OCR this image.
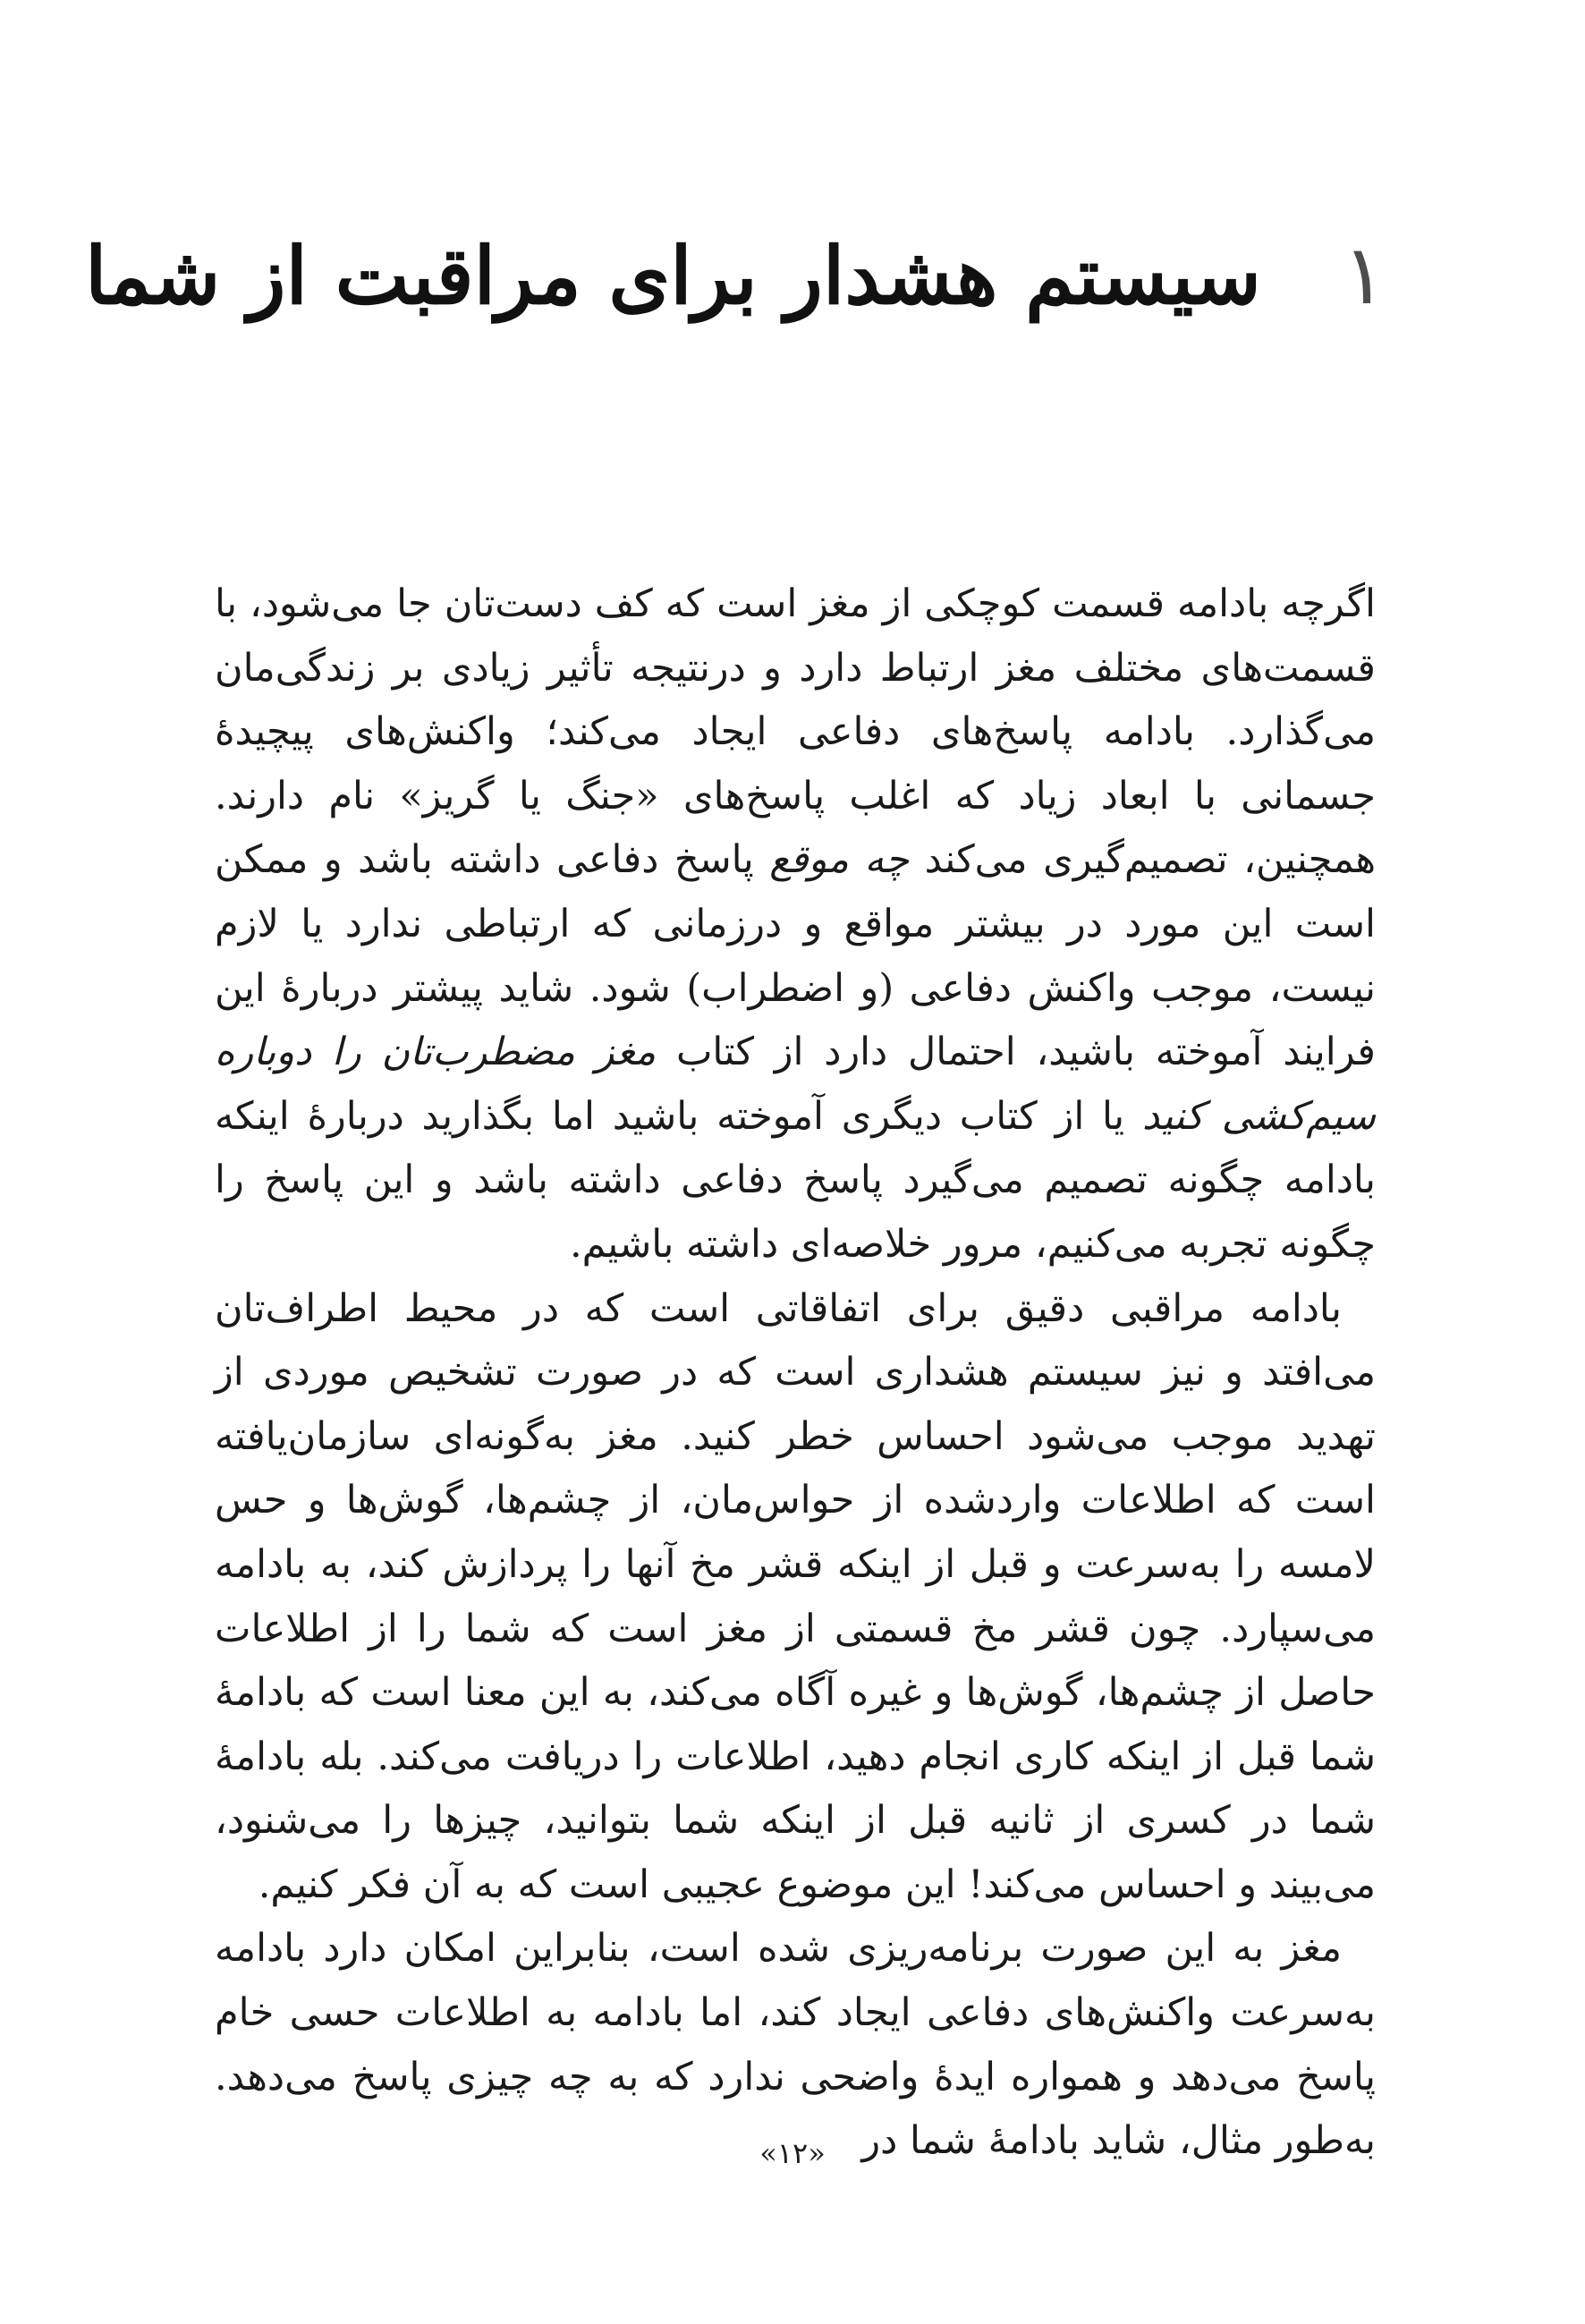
۱
سیستم هشدار برای مراقبت از شما

اگرچه بادامه قسمت کوچکی از مغز است که کف دست‌تان جا می‌شود، با قسمت‌های مختلف مغز ارتباط دارد و درنتیجه تأثیر زیادی بر زندگی‌مان می‌گذارد. بادامه پاسخ‌های دفاعی ایجاد می‌کند؛ واکنش‌های پیچیدهٔ جسمانی با ابعاد زیاد که اغلب پاسخ‌های «جنگ یا گریز» نام دارند. همچنین، تصمیم‌گیری می‌کند چه موقع پاسخ دفاعی داشته باشد و ممکن است این مورد در بیشتر مواقع و درزمانی که ارتباطی ندارد یا لازم نیست، موجب واکنش دفاعی (و اضطراب) شود. شاید پیشتر دربارهٔ این فرایند آموخته باشید، احتمال دارد از کتاب مغز مضطرب‌تان را دوباره سیم‌کشی کنید یا از کتاب دیگری آموخته باشید اما بگذارید دربارهٔ اینکه بادامه چگونه تصمیم می‌گیرد پاسخ دفاعی داشته باشد و این پاسخ را چگونه تجربه می‌کنیم، مرور خلاصه‌ای داشته باشیم.

بادامه مراقبی دقیق برای اتفاقاتی است که در محیط اطراف‌تان می‌افتد و نیز سیستم هشداری است که در صورت تشخیص موردی از تهدید موجب می‌شود احساس خطر کنید. مغز به‌گونه‌ای سازمان‌یافته است که اطلاعات واردشده از حواس‌مان، از چشم‌ها، گوش‌ها و حس لامسه را به‌سرعت و قبل از اینکه قشر مخ آنها را پردازش کند، به بادامه می‌سپارد. چون قشر مخ قسمتی از مغز است که شما را از اطلاعات حاصل از چشم‌ها، گوش‌ها و غیره آگاه می‌کند، به این معنا است که بادامهٔ شما قبل از اینکه کاری انجام دهید، اطلاعات را دریافت می‌کند. بله بادامهٔ شما در کسری از ثانیه قبل از اینکه شما بتوانید، چیزها را می‌شنود، می‌بیند و احساس می‌کند! این موضوع عجیبی است که به آن فکر کنیم.

مغز به این صورت برنامه‌ریزی شده است، بنابراین امکان دارد بادامه به‌سرعت واکنش‌های دفاعی ایجاد کند، اما بادامه به اطلاعات حسی خام پاسخ می‌دهد و همواره ایدهٔ واضحی ندارد که به چه چیزی پاسخ می‌دهد. به‌طور مثال، شاید بادامهٔ شما در

«۱۲»
